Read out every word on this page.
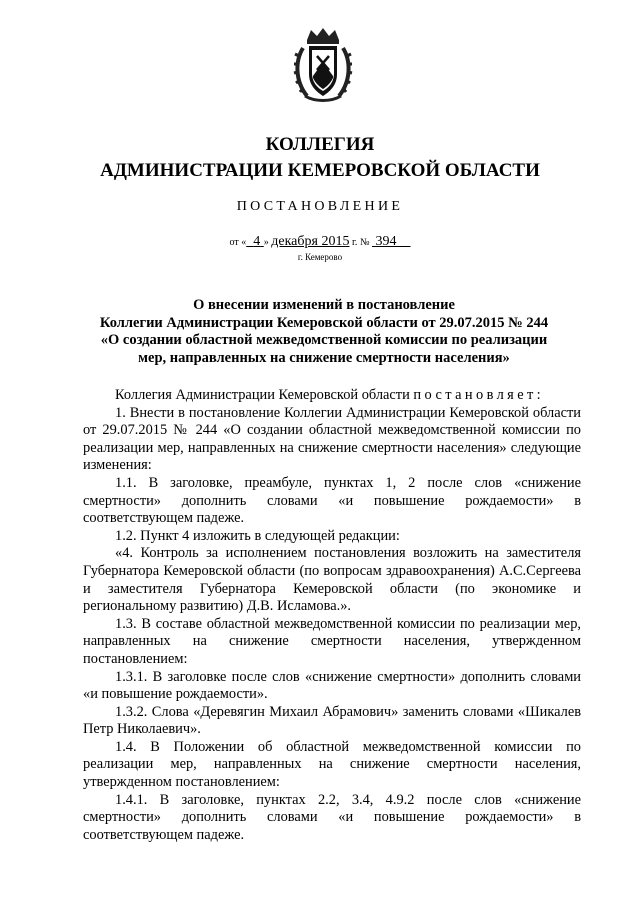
КОЛЛЕГИЯ
АДМИНИСТРАЦИИ КЕМЕРОВСКОЙ ОБЛАСТИ
ПОСТАНОВЛЕНИЕ
от « 4 » декабря 2015 г. № 394
г. Кемерово
О внесении изменений в постановление
Коллегии Администрации Кемеровской области от 29.07.2015 № 244
«О создании областной межведомственной комиссии по реализации
мер, направленных на снижение смертности населения»

Коллегия Администрации Кемеровской области постановляет:

1. Внести в постановление Коллегии Администрации Кемеровской области от 29.07.2015 № 244 «О создании областной межведомственной комиссии по реализации мер, направленных на снижение смертности населения» следующие изменения:

1.1. В заголовке, преамбуле, пунктах 1, 2 после слов «снижение смертности» дополнить словами «и повышение рождаемости» в соответствующем падеже.

1.2. Пункт 4 изложить в следующей редакции:

«4. Контроль за исполнением постановления возложить на заместителя Губернатора Кемеровской области (по вопросам здравоохранения) А.С.Сергеева и заместителя Губернатора Кемеровской области (по экономике и региональному развитию) Д.В. Исламова.».

1.3. В составе областной межведомственной комиссии по реализации мер, направленных на снижение смертности населения, утвержденном постановлением:

1.3.1. В заголовке после слов «снижение смертности» дополнить словами «и повышение рождаемости».

1.3.2. Слова «Деревягин Михаил Абрамович» заменить словами «Шикалев Петр Николаевич».

1.4. В Положении об областной межведомственной комиссии по реализации мер, направленных на снижение смертности населения, утвержденном постановлением:

1.4.1. В заголовке, пунктах 2.2, 3.4, 4.9.2 после слов «снижение смертности» дополнить словами «и повышение рождаемости» в соответствующем падеже.
